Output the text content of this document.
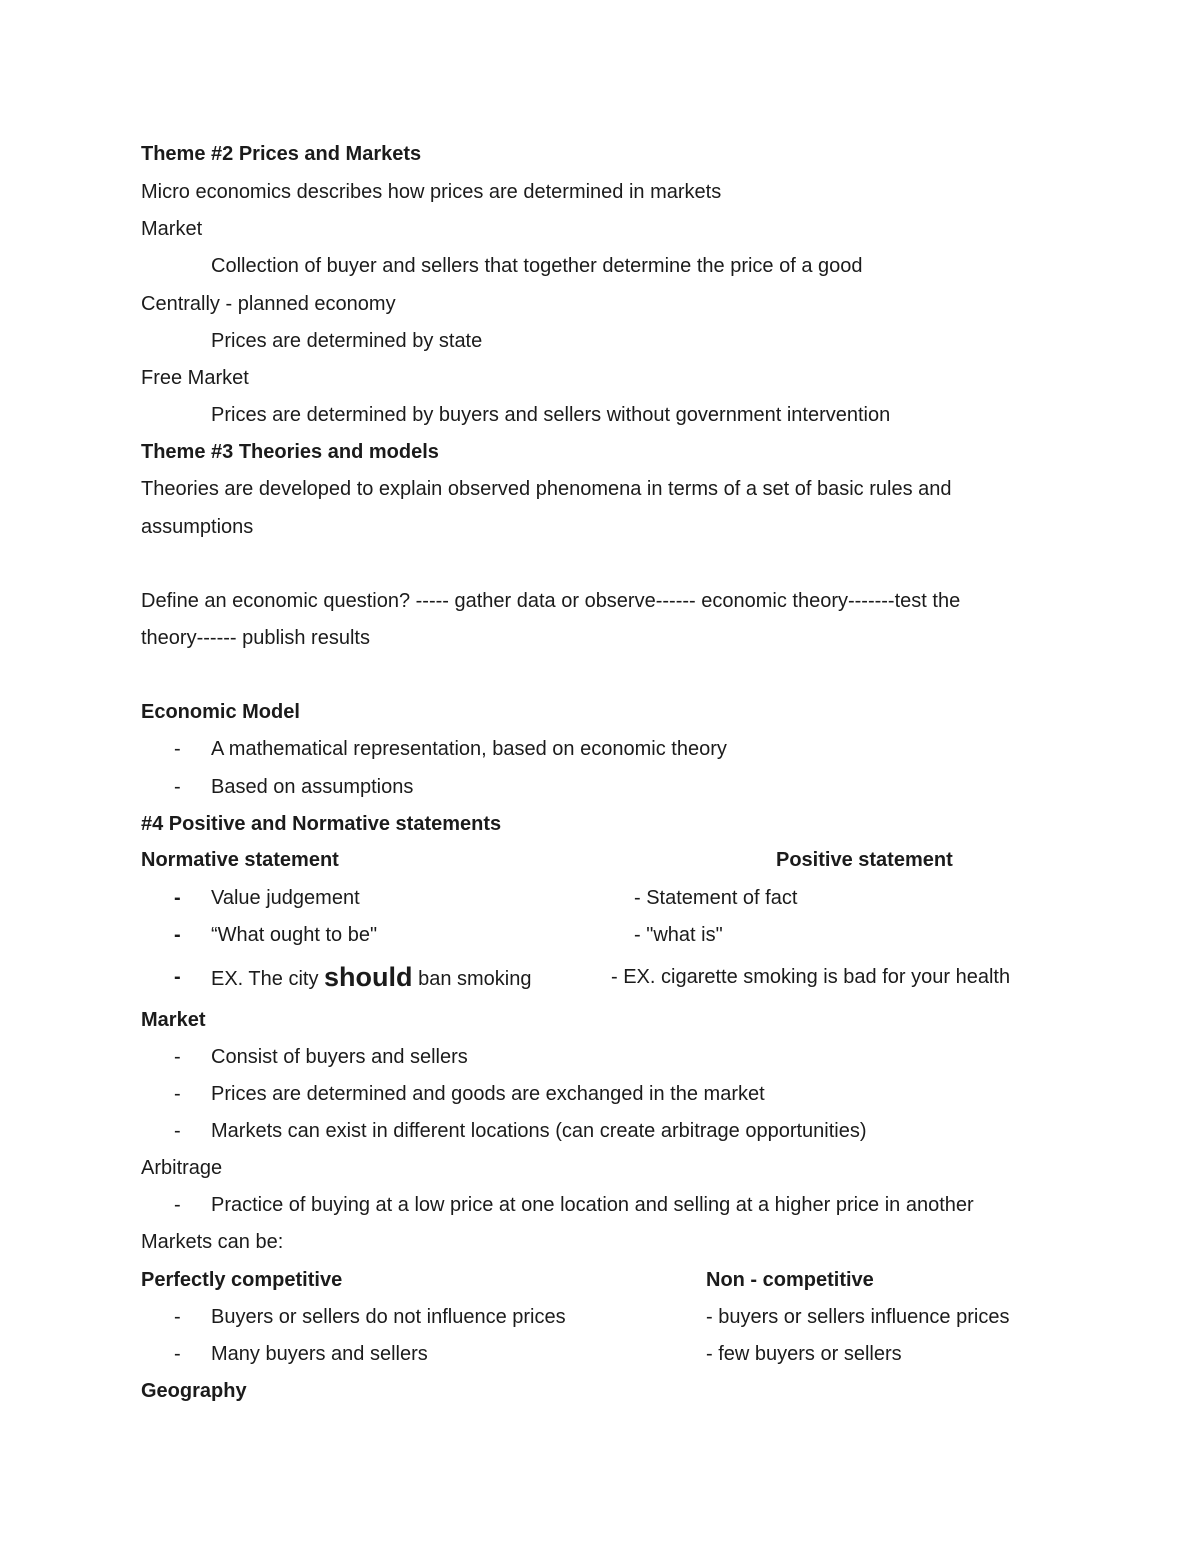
Theme #2 Prices and Markets
Micro economics describes how prices are determined in markets
Market
Collection of buyer and sellers that together determine the price of a good
Centrally - planned economy
Prices are determined by state
Free Market
Prices are determined by buyers and sellers without government intervention
Theme #3 Theories and models
Theories are developed to explain observed phenomena in terms of a set of basic rules and
assumptions
Define an economic question? ----- gather data or observe------ economic theory-------test the
theory------ publish results
Economic Model
- A mathematical representation, based on economic theory
- Based on assumptions
#4 Positive and Normative statements
Normative statement	Positive statement
- Value judgement	- Statement of fact
- “What ought to be"	- "what is"
- EX. The city should ban smoking	- EX. cigarette smoking is bad for your health
Market
- Consist of buyers and sellers
- Prices are determined and goods are exchanged in the market
- Markets can exist in different locations (can create arbitrage opportunities)
Arbitrage
- Practice of buying at a low price at one location and selling at a higher price in another
Markets can be:
Perfectly competitive	Non - competitive
- Buyers or sellers do not influence prices	- buyers or sellers influence prices
- Many buyers and sellers	- few buyers or sellers
Geography
